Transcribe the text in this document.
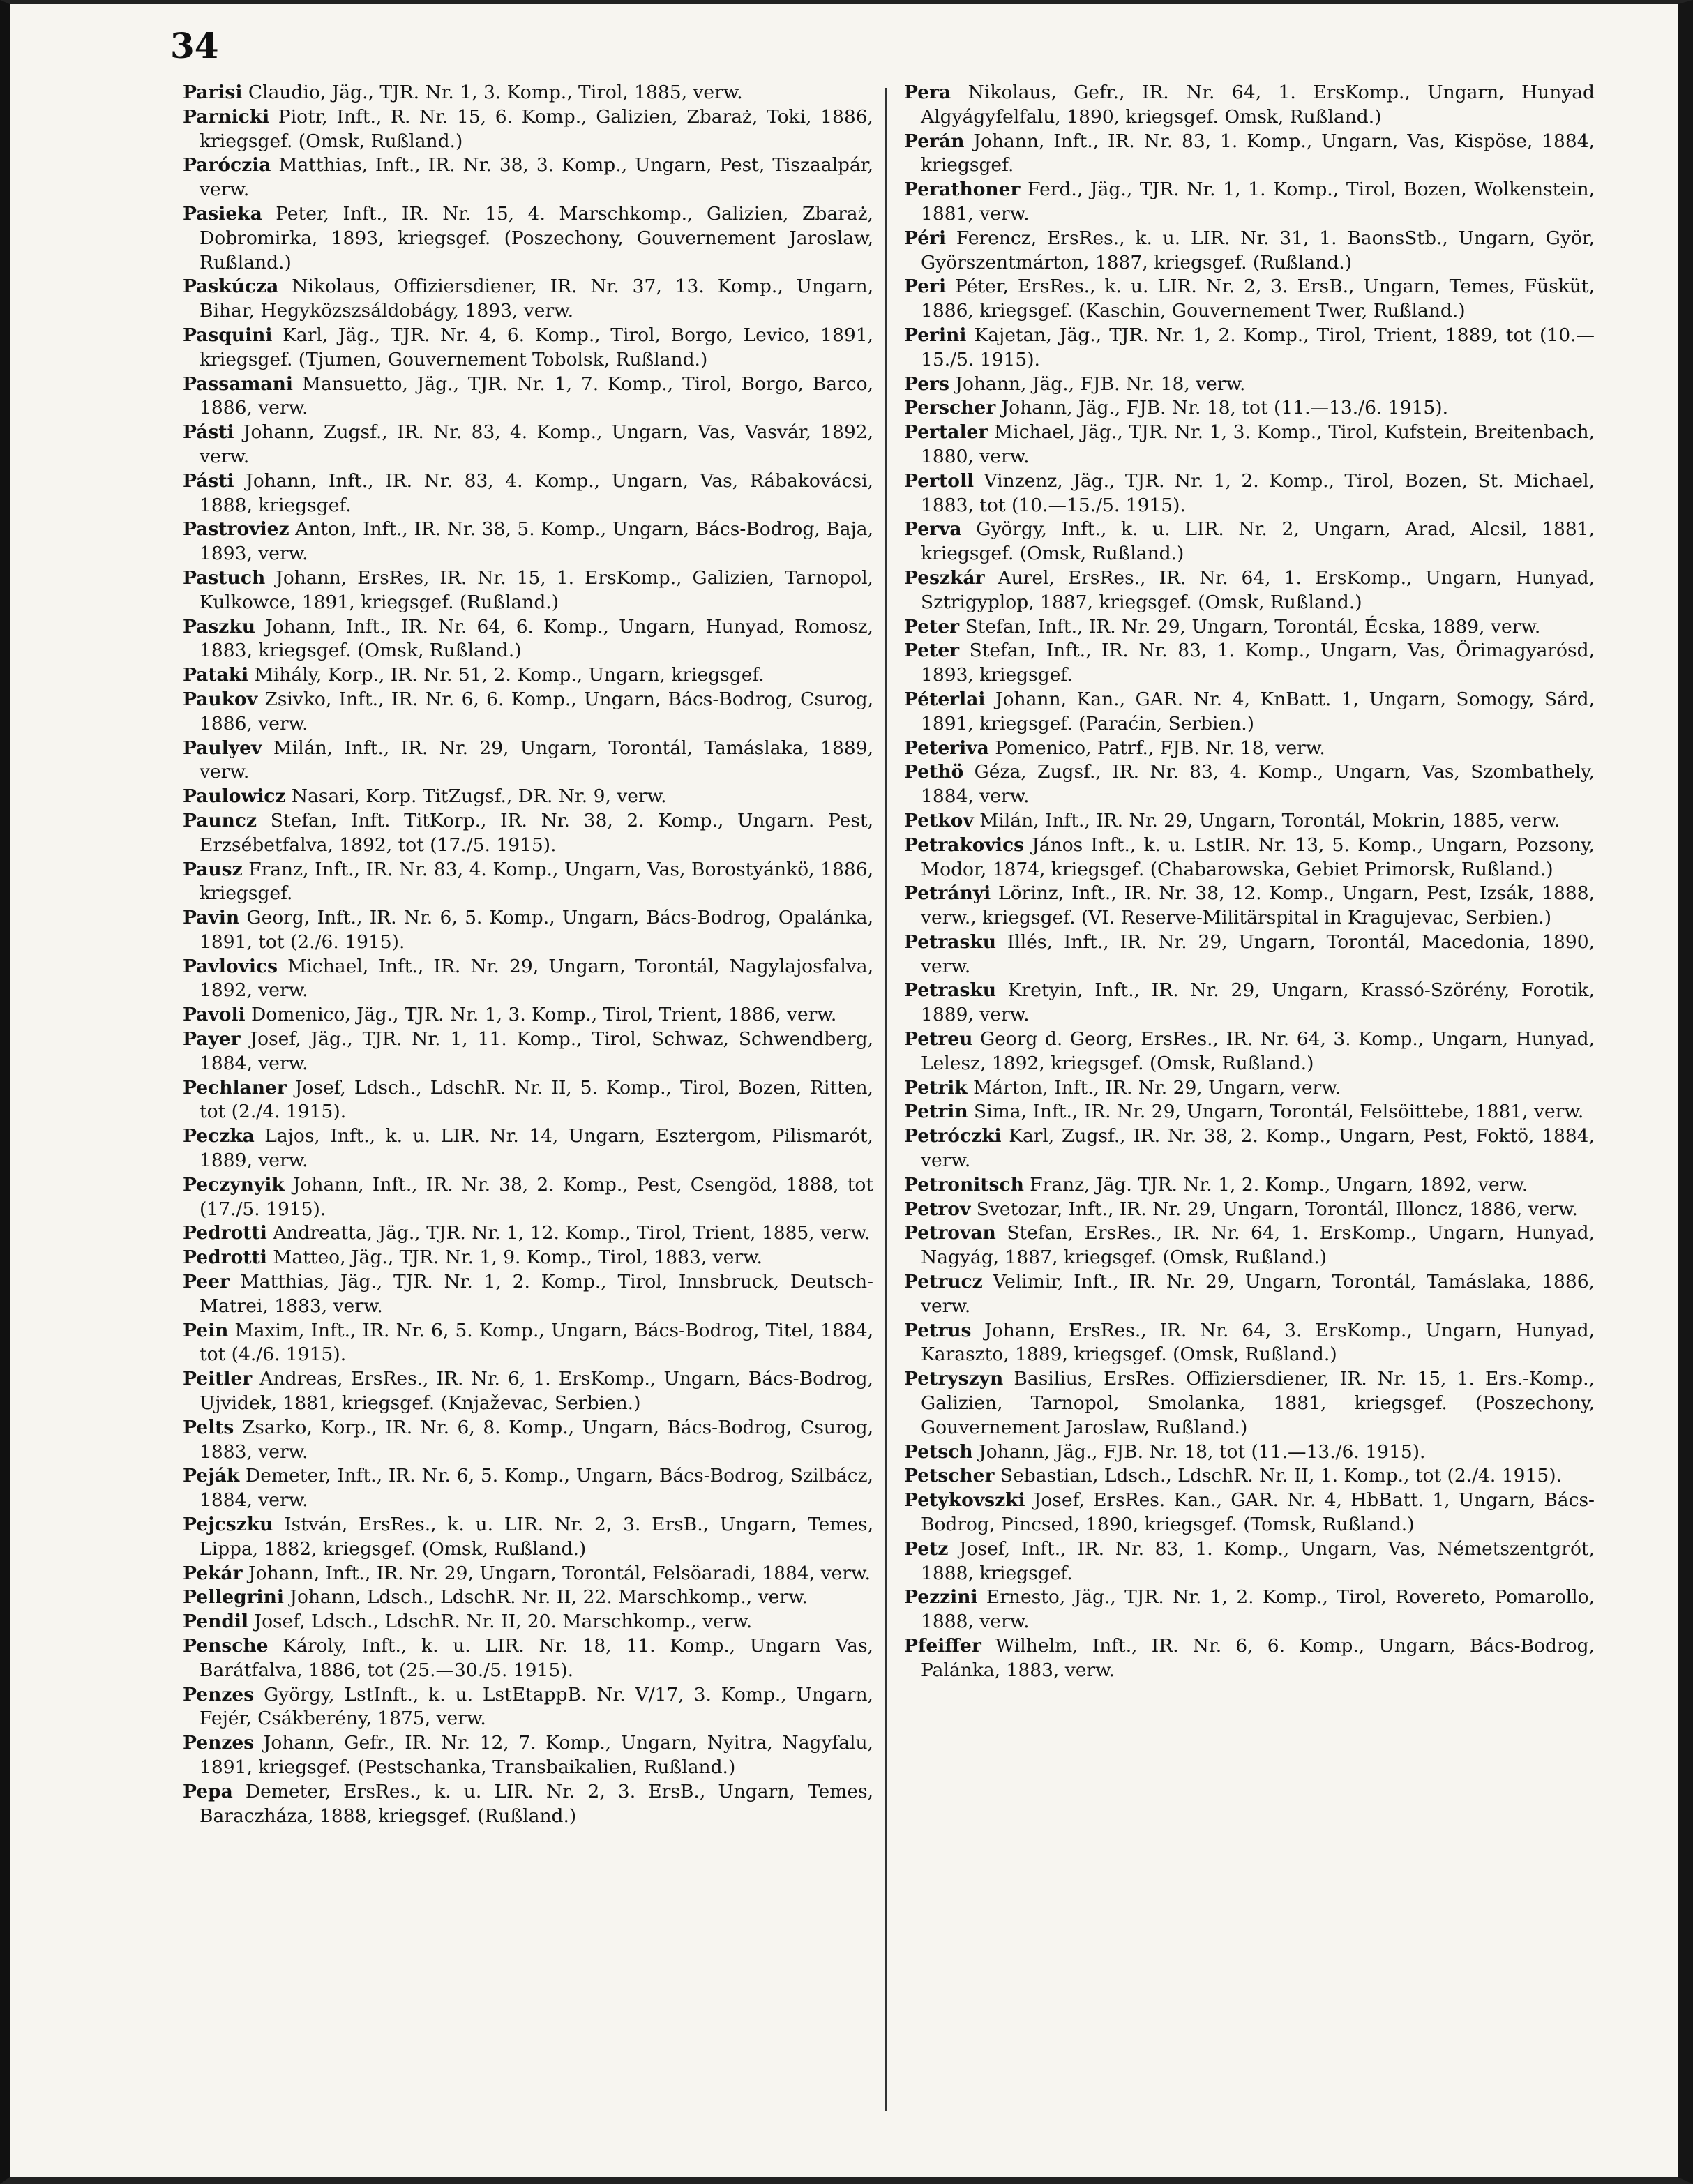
34

Parisi Claudio, Jäg., TJR. Nr. 1, 3. Komp., Tirol, 1885, verw.

Parnicki Piotr, Inft., R. Nr. 15, 6. Komp., Galizien, Zbaraż, Toki, 1886, kriegsgef. (Omsk, Rußland.)

Parócziа Matthias, Inft., IR. Nr. 38, 3. Komp., Ungarn, Pest, Tiszaalpár, verw.

Pasieka Peter, Inft., IR. Nr. 15, 4. Marschkomp., Galizien, Zbaraż, Dobromirka, 1893, kriegsgef. (Poszechony, Gouvernement Jaroslaw, Rußland.)

Paskúcza Nikolaus, Offiziersdiener, IR. Nr. 37, 13. Komp., Ungarn, Bihar, Hegyközszsáldobágy, 1893, verw.

Pasquini Karl, Jäg., TJR. Nr. 4, 6. Komp., Tirol, Borgo, Levico, 1891, kriegsgef. (Tjumen, Gouvernement Tobolsk, Rußland.)

Passamani Mansuetto, Jäg., TJR. Nr. 1, 7. Komp., Tirol, Borgo, Barco, 1886, verw.

Pásti Johann, Zugsf., IR. Nr. 83, 4. Komp., Ungarn, Vas, Vasvár, 1892, verw.

Pásti Johann, Inft., IR. Nr. 83, 4. Komp., Ungarn, Vas, Rábakovácsi, 1888, kriegsgef.

Pastroviez Anton, Inft., IR. Nr. 38, 5. Komp., Ungarn, Bács-Bodrog, Baja, 1893, verw.

Pastuch Johann, ErsRes, IR. Nr. 15, 1. ErsKomp., Galizien, Tarnopol, Kulkowce, 1891, kriegsgef. (Rußland.)

Paszku Johann, Inft., IR. Nr. 64, 6. Komp., Ungarn, Hunyad, Romosz, 1883, kriegsgef. (Omsk, Rußland.)

Pataki Mihály, Korp., IR. Nr. 51, 2. Komp., Ungarn, kriegsgef.

Paukov Zsivko, Inft., IR. Nr. 6, 6. Komp., Ungarn, Bács-Bodrog, Csurog, 1886, verw.

Paulyev Milán, Inft., IR. Nr. 29, Ungarn, Torontál, Tamáslaka, 1889, verw.

Paulowicz Nasari, Korp. TitZugsf., DR. Nr. 9, verw.

Pauncz Stefan, Inft. TitKorp., IR. Nr. 38, 2. Komp., Ungarn. Pest, Erzsébetfalva, 1892, tot (17./5. 1915).

Pausz Franz, Inft., IR. Nr. 83, 4. Komp., Ungarn, Vas, Borostyánkö, 1886, kriegsgef.

Pavin Georg, Inft., IR. Nr. 6, 5. Komp., Ungarn, Bács-Bodrog, Opalánka, 1891, tot (2./6. 1915).

Pavlovics Michael, Inft., IR. Nr. 29, Ungarn, Torontál, Nagylajosfalva, 1892, verw.

Pavoli Domenico, Jäg., TJR. Nr. 1, 3. Komp., Tirol, Trient, 1886, verw.

Payer Josef, Jäg., TJR. Nr. 1, 11. Komp., Tirol, Schwaz, Schwendberg, 1884, verw.

Pechlaner Josef, Ldsch., LdschR. Nr. II, 5. Komp., Tirol, Bozen, Ritten, tot (2./4. 1915).

Peczka Lajos, Inft., k. u. LIR. Nr. 14, Ungarn, Esztergom, Pilismarót, 1889, verw.

Peczynyik Johann, Inft., IR. Nr. 38, 2. Komp., Pest, Csengöd, 1888, tot (17./5. 1915).

Pedrotti Andreatta, Jäg., TJR. Nr. 1, 12. Komp., Tirol, Trient, 1885, verw.

Pedrotti Matteo, Jäg., TJR. Nr. 1, 9. Komp., Tirol, 1883, verw.

Peer Matthias, Jäg., TJR. Nr. 1, 2. Komp., Tirol, Innsbruck, Deutsch-Matrei, 1883, verw.

Pein Maxim, Inft., IR. Nr. 6, 5. Komp., Ungarn, Bács-Bodrog, Titel, 1884, tot (4./6. 1915).

Peitler Andreas, ErsRes., IR. Nr. 6, 1. ErsKomp., Ungarn, Bács-Bodrog, Ujvidek, 1881, kriegsgef. (Knjaževac, Serbien.)

Pelts Zsarko, Korp., IR. Nr. 6, 8. Komp., Ungarn, Bács-Bodrog, Csurog, 1883, verw.

Peják Demeter, Inft., IR. Nr. 6, 5. Komp., Ungarn, Bács-Bodrog, Szilbácz, 1884, verw.

Pejcszku István, ErsRes., k. u. LIR. Nr. 2, 3. ErsB., Ungarn, Temes, Lippa, 1882, kriegsgef. (Omsk, Rußland.)

Pekár Johann, Inft., IR. Nr. 29, Ungarn, Torontál, Felsöaradi, 1884, verw.

Pellegrini Johann, Ldsch., LdschR. Nr. II, 22. Marschkomp., verw.

Pendil Josef, Ldsch., LdschR. Nr. II, 20. Marschkomp., verw.

Pensche Károly, Inft., k. u. LIR. Nr. 18, 11. Komp., Ungarn Vas, Barátfalva, 1886, tot (25.—30./5. 1915).

Penzes György, LstInft., k. u. LstEtappB. Nr. V/17, 3. Komp., Ungarn, Fejér, Csákberény, 1875, verw.

Penzes Johann, Gefr., IR. Nr. 12, 7. Komp., Ungarn, Nyitra, Nagyfalu, 1891, kriegsgef. (Pestschanka, Transbaikalien, Rußland.)

Pepa Demeter, ErsRes., k. u. LIR. Nr. 2, 3. ErsB., Ungarn, Temes, Baraczháza, 1888, kriegsgef. (Rußland.)

Pera Nikolaus, Gefr., IR. Nr. 64, 1. ErsKomp., Ungarn, Hunyad Algyágyfelfalu, 1890, kriegsgef. Omsk, Rußland.)

Perán Johann, Inft., IR. Nr. 83, 1. Komp., Ungarn, Vas, Kispöse, 1884, kriegsgef.

Perathoner Ferd., Jäg., TJR. Nr. 1, 1. Komp., Tirol, Bozen, Wolkenstein, 1881, verw.

Péri Ferencz, ErsRes., k. u. LIR. Nr. 31, 1. BaonsStb., Ungarn, Györ, Györszentmárton, 1887, kriegsgef. (Rußland.)

Peri Péter, ErsRes., k. u. LIR. Nr. 2, 3. ErsB., Ungarn, Temes, Füsküt, 1886, kriegsgef. (Kaschin, Gouvernement Twer, Rußland.)

Perini Kajetan, Jäg., TJR. Nr. 1, 2. Komp., Tirol, Trient, 1889, tot (10.—15./5. 1915).

Pers Johann, Jäg., FJB. Nr. 18, verw.

Perscher Johann, Jäg., FJB. Nr. 18, tot (11.—13./6. 1915).

Pertaler Michael, Jäg., TJR. Nr. 1, 3. Komp., Tirol, Kufstein, Breitenbach, 1880, verw.

Pertoll Vinzenz, Jäg., TJR. Nr. 1, 2. Komp., Tirol, Bozen, St. Michael, 1883, tot (10.—15./5. 1915).

Perva György, Inft., k. u. LIR. Nr. 2, Ungarn, Arad, Alcsil, 1881, kriegsgef. (Omsk, Rußland.)

Peszkár Aurel, ErsRes., IR. Nr. 64, 1. ErsKomp., Ungarn, Hunyad, Sztrigyplop, 1887, kriegsgef. (Omsk, Rußland.)

Peter Stefan, Inft., IR. Nr. 29, Ungarn, Torontál, Écska, 1889, verw.

Peter Stefan, Inft., IR. Nr. 83, 1. Komp., Ungarn, Vas, Örimagyarósd, 1893, kriegsgef.

Péterlai Johann, Kan., GAR. Nr. 4, KnBatt. 1, Ungarn, Somogy, Sárd, 1891, kriegsgef. (Paraćin, Serbien.)

Peteriva Pomenico, Patrf., FJB. Nr. 18, verw.

Pethö Géza, Zugsf., IR. Nr. 83, 4. Komp., Ungarn, Vas, Szombathely, 1884, verw.

Petkov Milán, Inft., IR. Nr. 29, Ungarn, Torontál, Mokrin, 1885, verw.

Petrakovics János Inft., k. u. LstIR. Nr. 13, 5. Komp., Ungarn, Pozsony, Modor, 1874, kriegsgef. (Chabarowska, Gebiet Primorsk, Rußland.)

Petrányi Lörinz, Inft., IR. Nr. 38, 12. Komp., Ungarn, Pest, Izsák, 1888, verw., kriegsgef. (VI. Reserve-Militärspital in Kragujevac, Serbien.)

Petrasku Illés, Inft., IR. Nr. 29, Ungarn, Torontál, Macedonia, 1890, verw.

Petrasku Kretyin, Inft., IR. Nr. 29, Ungarn, Krassó-Szörény, Forotik, 1889, verw.

Petreu Georg d. Georg, ErsRes., IR. Nr. 64, 3. Komp., Ungarn, Hunyad, Lelesz, 1892, kriegsgef. (Omsk, Rußland.)

Petrik Márton, Inft., IR. Nr. 29, Ungarn, verw.

Petrin Sima, Inft., IR. Nr. 29, Ungarn, Torontál, Felsöittebe, 1881, verw.

Petróczki Karl, Zugsf., IR. Nr. 38, 2. Komp., Ungarn, Pest, Foktö, 1884, verw.

Petronitsch Franz, Jäg. TJR. Nr. 1, 2. Komp., Ungarn, 1892, verw.

Petrov Svetozar, Inft., IR. Nr. 29, Ungarn, Torontál, Illoncz, 1886, verw.

Petrovan Stefan, ErsRes., IR. Nr. 64, 1. ErsKomp., Ungarn, Hunyad, Nagyág, 1887, kriegsgef. (Omsk, Rußland.)

Petrucz Velimir, Inft., IR. Nr. 29, Ungarn, Torontál, Tamáslaka, 1886, verw.

Petrus Johann, ErsRes., IR. Nr. 64, 3. ErsKomp., Ungarn, Hunyad, Karaszto, 1889, kriegsgef. (Omsk, Rußland.)

Petryszyn Basilius, ErsRes. Offiziersdiener, IR. Nr. 15, 1. Ers.-Komp., Galizien, Tarnopol, Smolanka, 1881, kriegsgef. (Poszechony, Gouvernement Jaroslaw, Rußland.)

Petsch Johann, Jäg., FJB. Nr. 18, tot (11.—13./6. 1915).

Petscher Sebastian, Ldsch., LdschR. Nr. II, 1. Komp., tot (2./4. 1915).

Petykovszki Josef, ErsRes. Kan., GAR. Nr. 4, HbBatt. 1, Ungarn, Bács-Bodrog, Pincsed, 1890, kriegsgef. (Tomsk, Rußland.)

Petz Josef, Inft., IR. Nr. 83, 1. Komp., Ungarn, Vas, Németszentgrót, 1888, kriegsgef.

Pezzini Ernesto, Jäg., TJR. Nr. 1, 2. Komp., Tirol, Rovereto, Pomarollo, 1888, verw.

Pfeiffer Wilhelm, Inft., IR. Nr. 6, 6. Komp., Ungarn, Bács-Bodrog, Palánka, 1883, verw.
